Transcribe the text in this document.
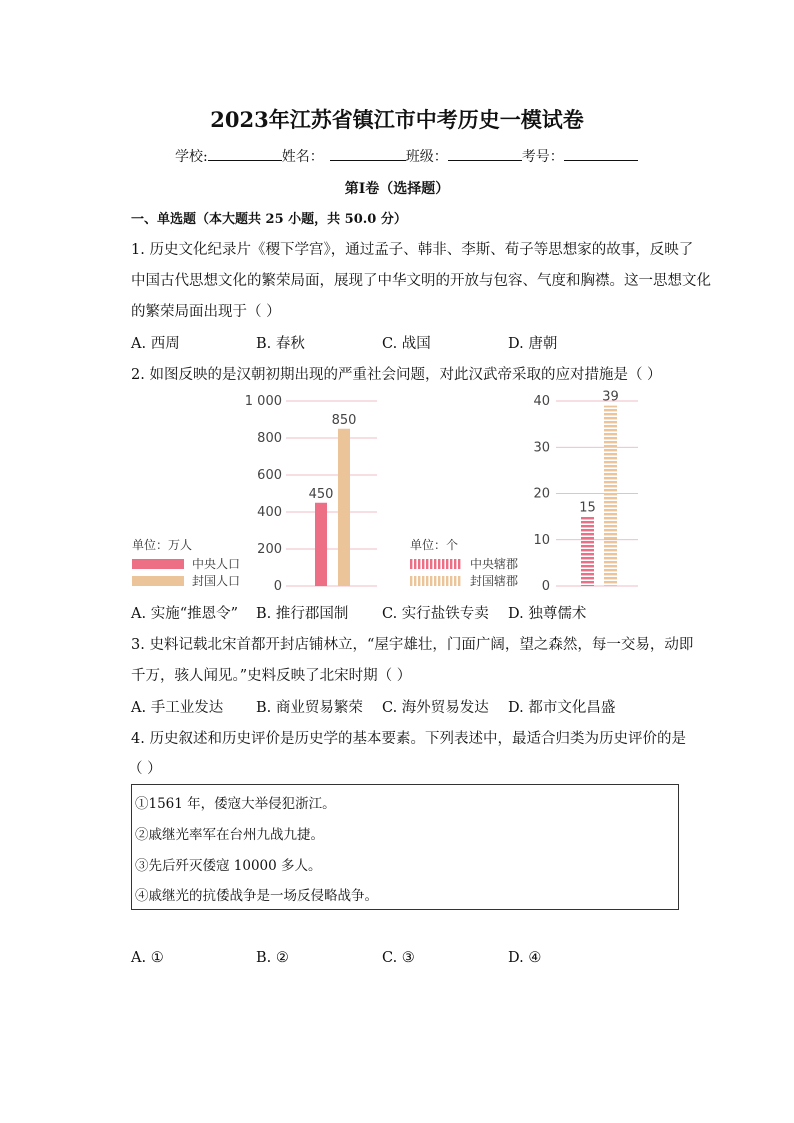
2023年江苏省镇江市中考历史一模试卷
学校:	姓名：	班级：	考号：
第Ⅰ卷（选择题）
一、单选题（本大题共 25 小题，共 50.0 分）
1. 历史文化纪录片《稷下学宫》，通过孟子、韩非、李斯、荀子等思想家的故事，反映了
中国古代思想文化的繁荣局面，展现了中华文明的开放与包容、气度和胸襟。这一思想文化
的繁荣局面出现于（ ）
A. 西周	B. 春秋	C. 战国	D. 唐朝
2. 如图反映的是汉朝初期出现的严重社会问题，对此汉武帝采取的应对措施是（ ）
0
200
400
600
800
1 000
450
850
单位：万人
中央人口
封国人口	0
10
20
30
40
15
39
单位：个
中央辖郡
封国辖郡
A. 实施“推恩令” B. 推行郡国制 C. 实行盐铁专卖 D. 独尊儒术
3. 史料记载北宋首都开封店铺林立，“屋宇雄壮，门面广阔，望之森然，每一交易，动即
千万，骇人闻见。”史料反映了北宋时期（ ）
A. 手工业发达 B. 商业贸易繁荣 C. 海外贸易发达 D. 都市文化昌盛
4. 历史叙述和历史评价是历史学的基本要素。下列表述中，最适合归类为历史评价的是
（ ）
①1561 年，倭寇大举侵犯浙江。
②戚继光率军在台州九战九捷。
③先后歼灭倭寇 10000 多人。
④戚继光的抗倭战争是一场反侵略战争。
A. ①	B. ②	C. ③	D. ④
